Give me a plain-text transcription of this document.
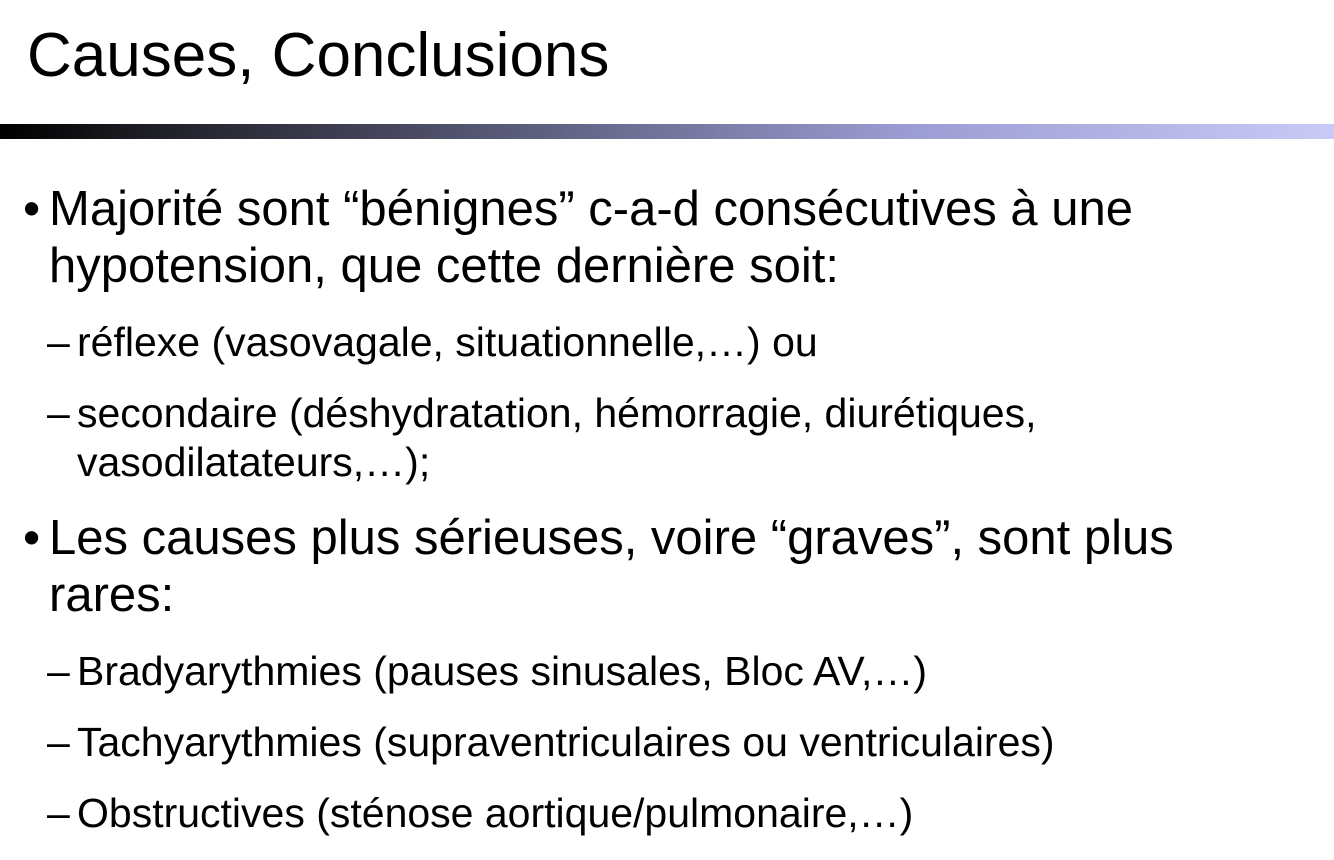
Causes, Conclusions
• Majorité sont “bénignes” c-a-d consécutives à une hypotension, que cette dernière soit:
– réflexe (vasovagale, situationnelle,…) ou
– secondaire (déshydratation, hémorragie, diurétiques, vasodilatateurs,…);
• Les causes plus sérieuses, voire “graves”, sont plus rares:
– Bradyarythmies (pauses sinusales, Bloc AV,…)
– Tachyarythmies (supraventriculaires ou ventriculaires)
– Obstructives (sténose aortique/pulmonaire,…)
